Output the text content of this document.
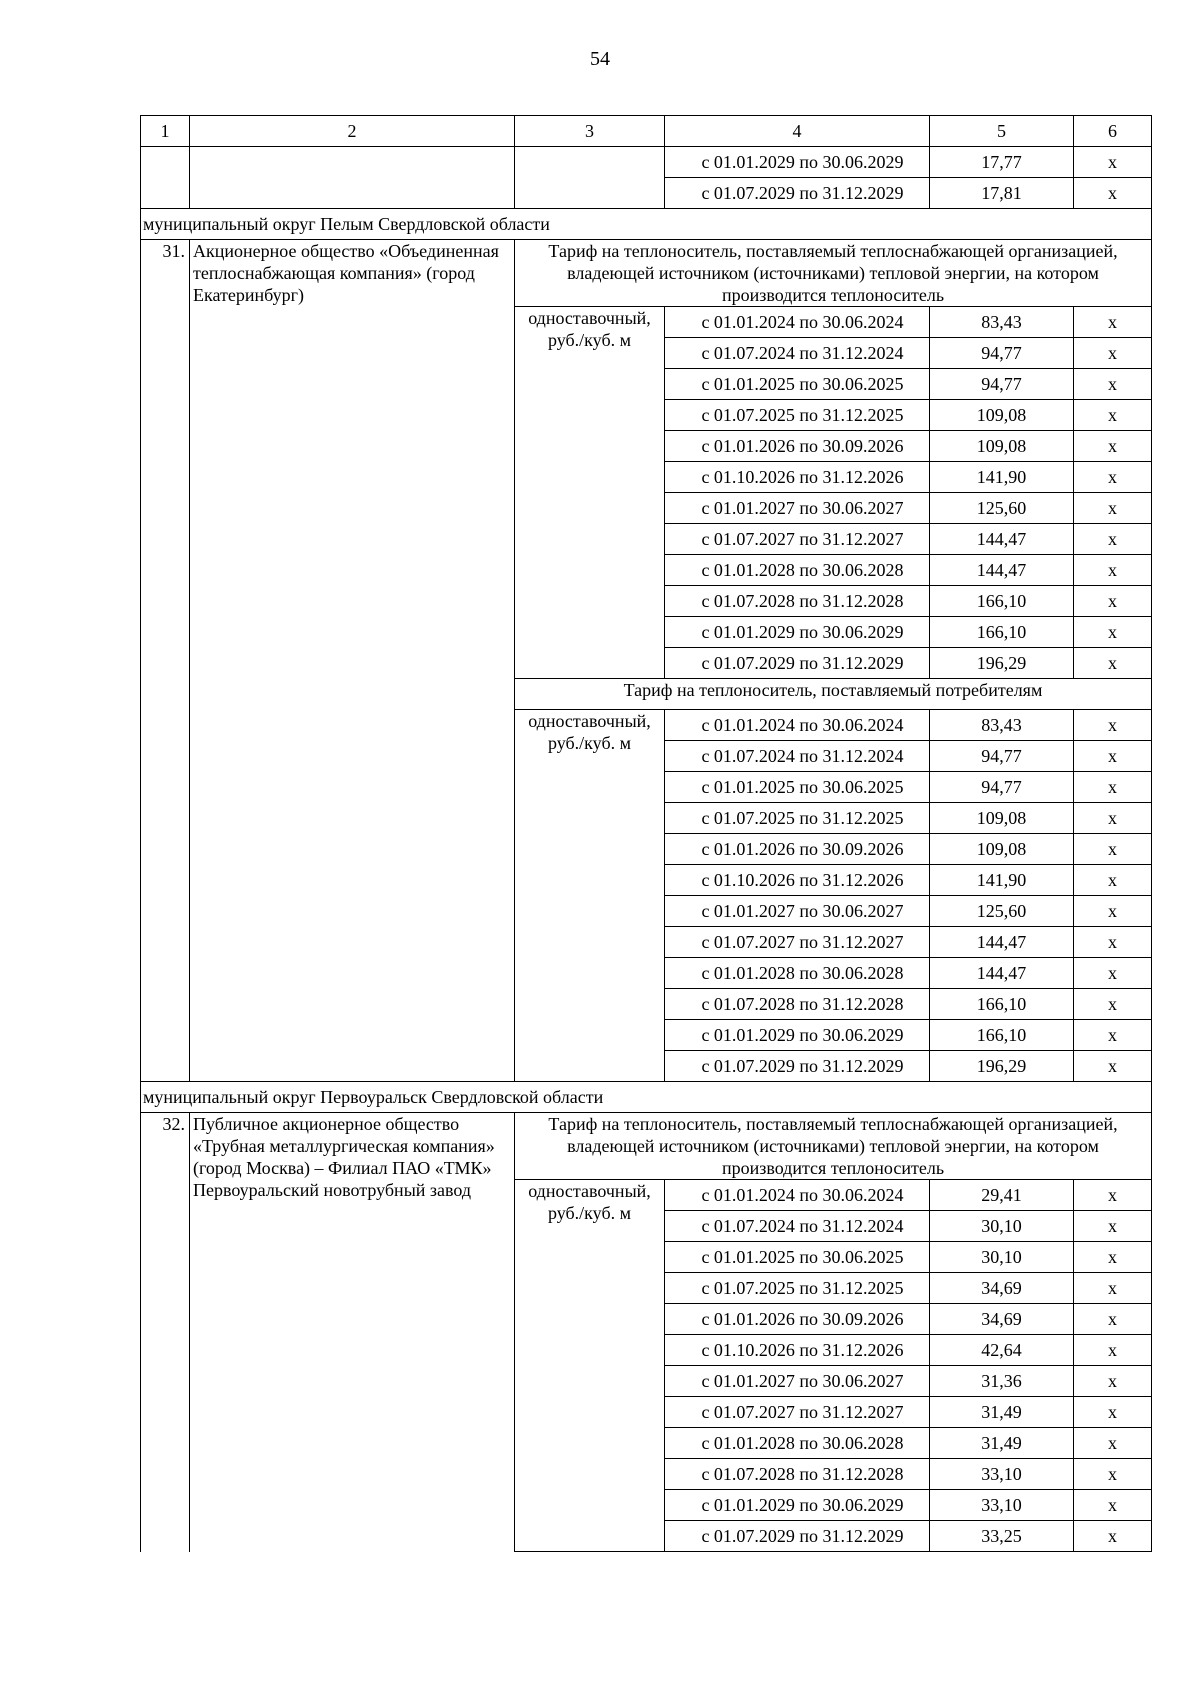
54
1	2	3	4	5	6
			с 01.01.2029 по 30.06.2029	17,77	x
			с 01.07.2029 по 31.12.2029	17,81	x
муниципальный округ Пелым Свердловской области					
31.	Акционерное общество «Объединенная теплоснабжающая компания» (город Екатеринбург)	Тариф на теплоноситель, поставляемый теплоснабжающей организацией, владеющей источником (источниками) тепловой энергии, на котором производится теплоноситель			
		одноставочный, руб./куб. м	с 01.01.2024 по 30.06.2024	83,43	x
			с 01.07.2024 по 31.12.2024	94,77	x
			с 01.01.2025 по 30.06.2025	94,77	x
			с 01.07.2025 по 31.12.2025	109,08	x
			с 01.01.2026 по 30.09.2026	109,08	x
			с 01.10.2026 по 31.12.2026	141,90	x
			с 01.01.2027 по 30.06.2027	125,60	x
			с 01.07.2027 по 31.12.2027	144,47	x
			с 01.01.2028 по 30.06.2028	144,47	x
			с 01.07.2028 по 31.12.2028	166,10	x
			с 01.01.2029 по 30.06.2029	166,10	x
			с 01.07.2029 по 31.12.2029	196,29	x
		Тариф на теплоноситель, поставляемый потребителям			
		одноставочный, руб./куб. м	с 01.01.2024 по 30.06.2024	83,43	x
			с 01.07.2024 по 31.12.2024	94,77	x
			с 01.01.2025 по 30.06.2025	94,77	x
			с 01.07.2025 по 31.12.2025	109,08	x
			с 01.01.2026 по 30.09.2026	109,08	x
			с 01.10.2026 по 31.12.2026	141,90	x
			с 01.01.2027 по 30.06.2027	125,60	x
			с 01.07.2027 по 31.12.2027	144,47	x
			с 01.01.2028 по 30.06.2028	144,47	x
			с 01.07.2028 по 31.12.2028	166,10	x
			с 01.01.2029 по 30.06.2029	166,10	x
			с 01.07.2029 по 31.12.2029	196,29	x
муниципальный округ Первоуральск Свердловской области					
32.	Публичное акционерное общество «Трубная металлургическая компания» (город Москва) – Филиал ПАО «ТМК» Первоуральский новотрубный завод	Тариф на теплоноситель, поставляемый теплоснабжающей организацией, владеющей источником (источниками) тепловой энергии, на котором производится теплоноситель			
		одноставочный, руб./куб. м	с 01.01.2024 по 30.06.2024	29,41	x
			с 01.07.2024 по 31.12.2024	30,10	x
			с 01.01.2025 по 30.06.2025	30,10	x
			с 01.07.2025 по 31.12.2025	34,69	x
			с 01.01.2026 по 30.09.2026	34,69	x
			с 01.10.2026 по 31.12.2026	42,64	x
			с 01.01.2027 по 30.06.2027	31,36	x
			с 01.07.2027 по 31.12.2027	31,49	x
			с 01.01.2028 по 30.06.2028	31,49	x
			с 01.07.2028 по 31.12.2028	33,10	x
			с 01.01.2029 по 30.06.2029	33,10	x
			с 01.07.2029 по 31.12.2029	33,25	x
